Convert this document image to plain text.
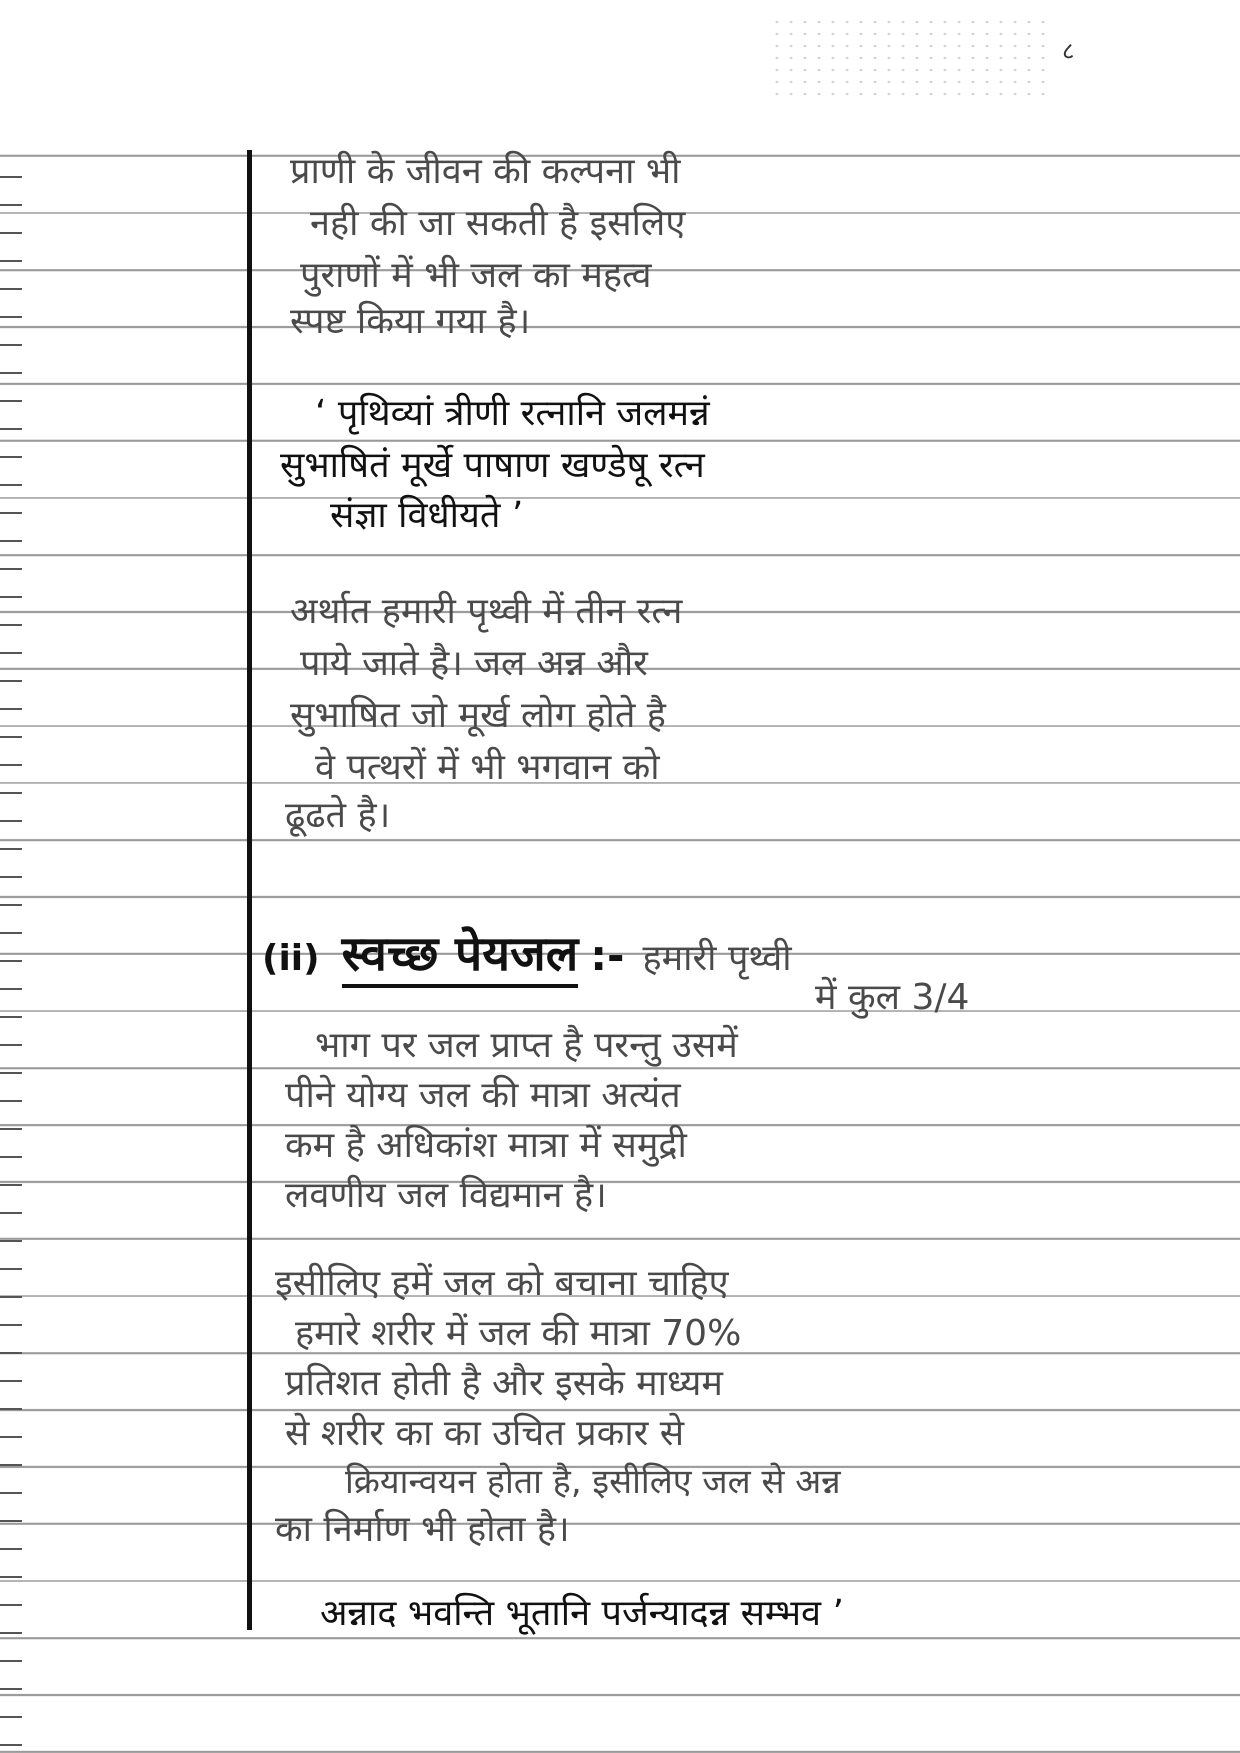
८
प्राणी के जीवन की कल्पना भी
नही की जा सकती है इसलिए
पुराणों में भी जल का महत्व
स्पष्ट किया गया है।
‘ पृथिव्यां त्रीणी रत्नानि जलमन्नं
सुभाषितं मूर्खे पाषाण खण्डेषू रत्न
संज्ञा विधीयते ’
अर्थात हमारी पृथ्वी में तीन रत्न
पाये जाते है। जल अन्न और
सुभाषित जो मूर्ख लोग होते है
वे पत्थरों में भी भगवान को
ढूढते है।
(ii) स्वच्छ पेयजल :- हमारी पृथ्वी
में कुल 3/4
भाग पर जल प्राप्त है परन्तु उसमें
पीने योग्य जल की मात्रा अत्यंत
कम है अधिकांश मात्रा में समुद्री
लवणीय जल विद्यमान है।
इसीलिए हमें जल को बचाना चाहिए
हमारे शरीर में जल की मात्रा 70%
प्रतिशत होती है और इसके माध्यम
से शरीर का का उचित प्रकार से
क्रियान्वयन होता है, इसीलिए जल से अन्न
का निर्माण भी होता है।
अन्नाद भवन्ति भूतानि पर्जन्यादन्न सम्भव ’
